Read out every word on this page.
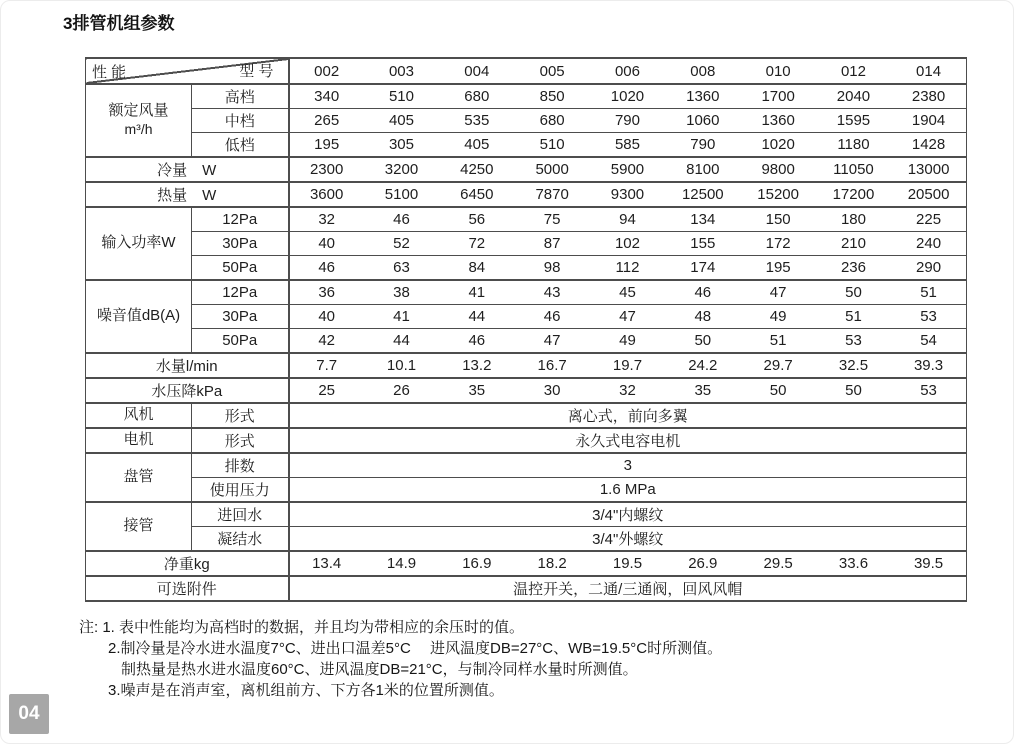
3排管机组参数
型 号
性 能		002	003	004	005	006	008	010	012	014

额定风量
m³/h	高档	340	510	680	850	1020	1360	1700	2040	2380
	中档	265	405	535	680	790	1060	1360	1595	1904
	低档	195	305	405	510	585	790	1020	1180	1428
冷量　W		2300	3200	4250	5000	5900	8100	9800	11050	13000
热量　W		3600	5100	6450	7870	9300	12500	15200	17200	20500

输入功率W	12Pa	32	46	56	75	94	134	150	180	225
	30Pa	40	52	72	87	102	155	172	210	240
	50Pa	46	63	84	98	112	174	195	236	290

噪音值dB(A)	12Pa	36	38	41	43	45	46	47	50	51
	30Pa	40	41	44	46	47	48	49	51	53
	50Pa	42	44	46	47	49	50	51	53	54
水量l/min		7.7	10.1	13.2	16.7	19.7	24.2	29.7	32.5	39.3
水压降kPa		25	26	35	30	32	35	50	50	53

风机	形式	离心式，前向多翼								

电机	形式	永久式电容电机								

盘管	排数	3								
	使用压力	1.6 MPa								

接管	进回水	3/4"内螺纹								
	凝结水	3/4"外螺纹								
净重kg		13.4	14.9	16.9	18.2	19.5	26.9	29.5	33.6	39.5
可选附件		温控开关，二通/三通阀，回风风帽								
注: 1. 表中性能均为高档时的数据，并且均为带相应的余压时的值。
2.制冷量是冷水进水温度7°C、进出口温差5°C　 进风温度DB=27°C、WB=19.5°C时所测值。
制热量是热水进水温度60°C、进风温度DB=21°C，与制冷同样水量时所测值。
3.噪声是在消声室，离机组前方、下方各1米的位置所测值。
04
